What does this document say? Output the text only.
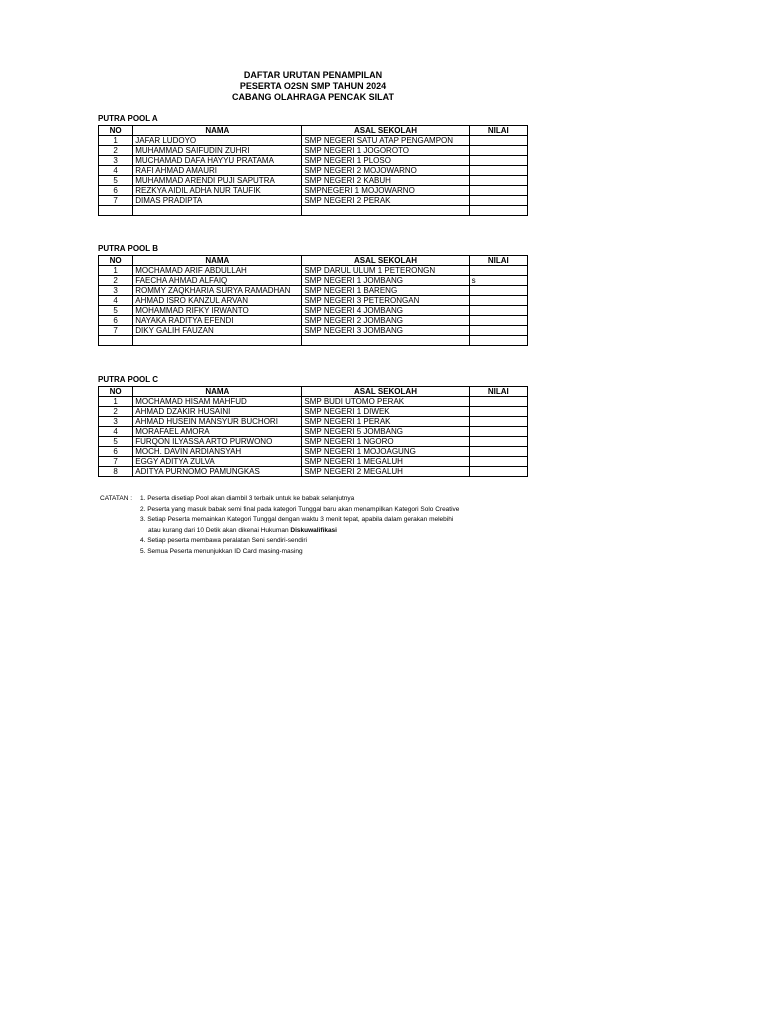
DAFTAR URUTAN PENAMPILAN
PESERTA O2SN SMP TAHUN 2024
CABANG OLAHRAGA PENCAK SILAT
PUTRA POOL A
NO	NAMA	ASAL SEKOLAH	NILAI
1	JAFAR LUDOYO	SMP NEGERI SATU ATAP PENGAMPON	
2	MUHAMMAD SAIFUDIN ZUHRI	SMP NEGERI 1 JOGOROTO	
3	MUCHAMAD DAFA HAYYU PRATAMA	SMP NEGERI 1 PLOSO	
4	RAFI AHMAD AMAURI	SMP NEGERI 2 MOJOWARNO	
5	MUHAMMAD ARENDI PUJI SAPUTRA	SMP NEGERI 2 KABUH	
6	REZKYA AIDIL ADHA NUR TAUFIK	SMPNEGERI 1 MOJOWARNO	
7	DIMAS PRADIPTA	SMP NEGERI 2 PERAK	

PUTRA POOL B
NO	NAMA	ASAL SEKOLAH	NILAI
1	MOCHAMAD ARIF ABDULLAH	SMP DARUL ULUM 1 PETERONGN	
2	FAECHA AHMAD ALFAIQ	SMP NEGERI 1 JOMBANG	s
3	ROMMY ZAQKHARIA SURYA RAMADHAN	SMP NEGERI 1 BARENG	
4	AHMAD ISRO KANZUL ARVAN	SMP NEGERI 3 PETERONGAN	
5	MOHAMMAD RIFKY IRWANTO	SMP NEGERI 4 JOMBANG	
6	NAYAKA RADITYA EFENDI	SMP NEGERI 2 JOMBANG	
7	DIKY GALIH FAUZAN	SMP NEGERI 3 JOMBANG	

PUTRA POOL C
NO	NAMA	ASAL SEKOLAH	NILAI
1	MOCHAMAD HISAM MAHFUD	SMP BUDI UTOMO PERAK	
2	AHMAD DZAKIR HUSAINI	SMP NEGERI 1 DIWEK	
3	AHMAD HUSEIN MANSYUR BUCHORI	SMP NEGERI 1 PERAK	
4	MORAFAEL AMORA	SMP NEGERI 5 JOMBANG	
5	FURQON ILYASSA ARTO PURWONO	SMP NEGERI 1 NGORO	
6	MOCH. DAVIN ARDIANSYAH	SMP NEGERI 1 MOJOAGUNG	
7	EGGY ADITYA ZULVA	SMP NEGERI 1 MEGALUH	
8	ADITYA PURNOMO PAMUNGKAS	SMP NEGERI 2 MEGALUH	
CATATAN :	1. Peserta disetiap Pool akan diambil 3 terbaik untuk ke babak selanjutnya
2. Peserta yang masuk babak semi final pada kategori Tunggal baru akan menampilkan Kategori Solo Creative
3. Setiap Peserta memainkan Kategori Tunggal dengan waktu 3 menit tepat, apabila dalam gerakan melebihi
atau kurang dari 10 Detik akan dikenai Hukuman Diskuwalifikasi
4. Setiap peserta membawa peralatan Seni sendiri-sendiri
5. Semua Peserta menunjukkan ID Card masing-masing
